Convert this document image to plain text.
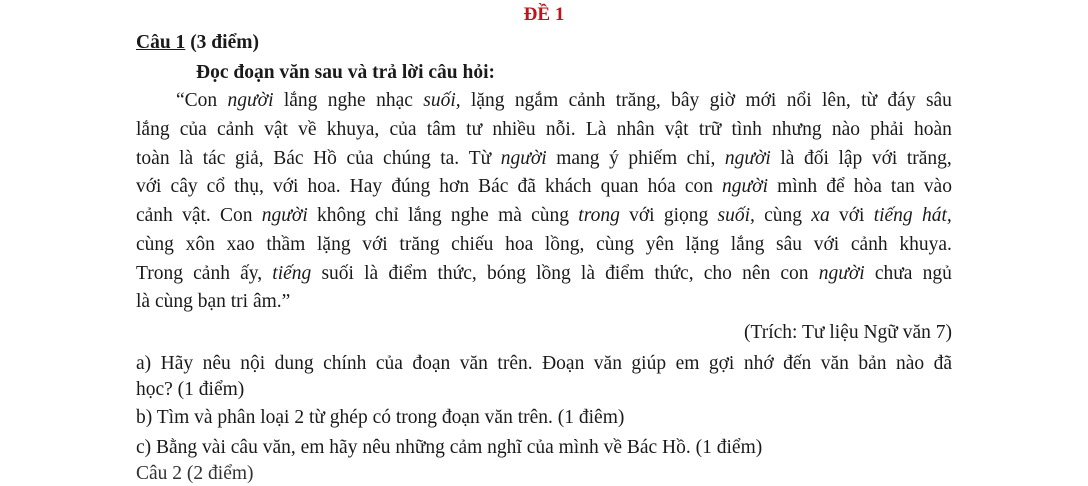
ĐỀ 1
Câu 1 (3 điểm)
Đọc đoạn văn sau và trả lời câu hỏi:
“Con người lắng nghe nhạc suối, lặng ngắm cảnh trăng, bây giờ mới nổi lên, từ đáy sâu
lắng của cảnh vật về khuya, của tâm tư nhiều nỗi. Là nhân vật trữ tình nhưng nào phải hoàn
toàn là tác giả, Bác Hồ của chúng ta. Từ người mang ý phiếm chỉ, người là đối lập với trăng,
với cây cổ thụ, với hoa. Hay đúng hơn Bác đã khách quan hóa con người mình để hòa tan vào
cảnh vật. Con người không chỉ lắng nghe mà cùng trong với giọng suối, cùng xa với tiếng hát,
cùng xôn xao thầm lặng với trăng chiếu hoa lồng, cùng yên lặng lắng sâu với cảnh khuya.
Trong cảnh ấy, tiếng suối là điểm thức, bóng lồng là điểm thức, cho nên con người chưa ngủ
là cùng bạn tri âm.”
(Trích: Tư liệu Ngữ văn 7)
a) Hãy nêu nội dung chính của đoạn văn trên. Đoạn văn giúp em gợi nhớ đến văn bản nào đã
học? (1 điểm)
b) Tìm và phân loại 2 từ ghép có trong đoạn văn trên. (1 điêm)
c) Bằng vài câu văn, em hãy nêu những cảm nghĩ của mình về Bác Hồ. (1 điểm)
Câu 2 (2 điểm)
